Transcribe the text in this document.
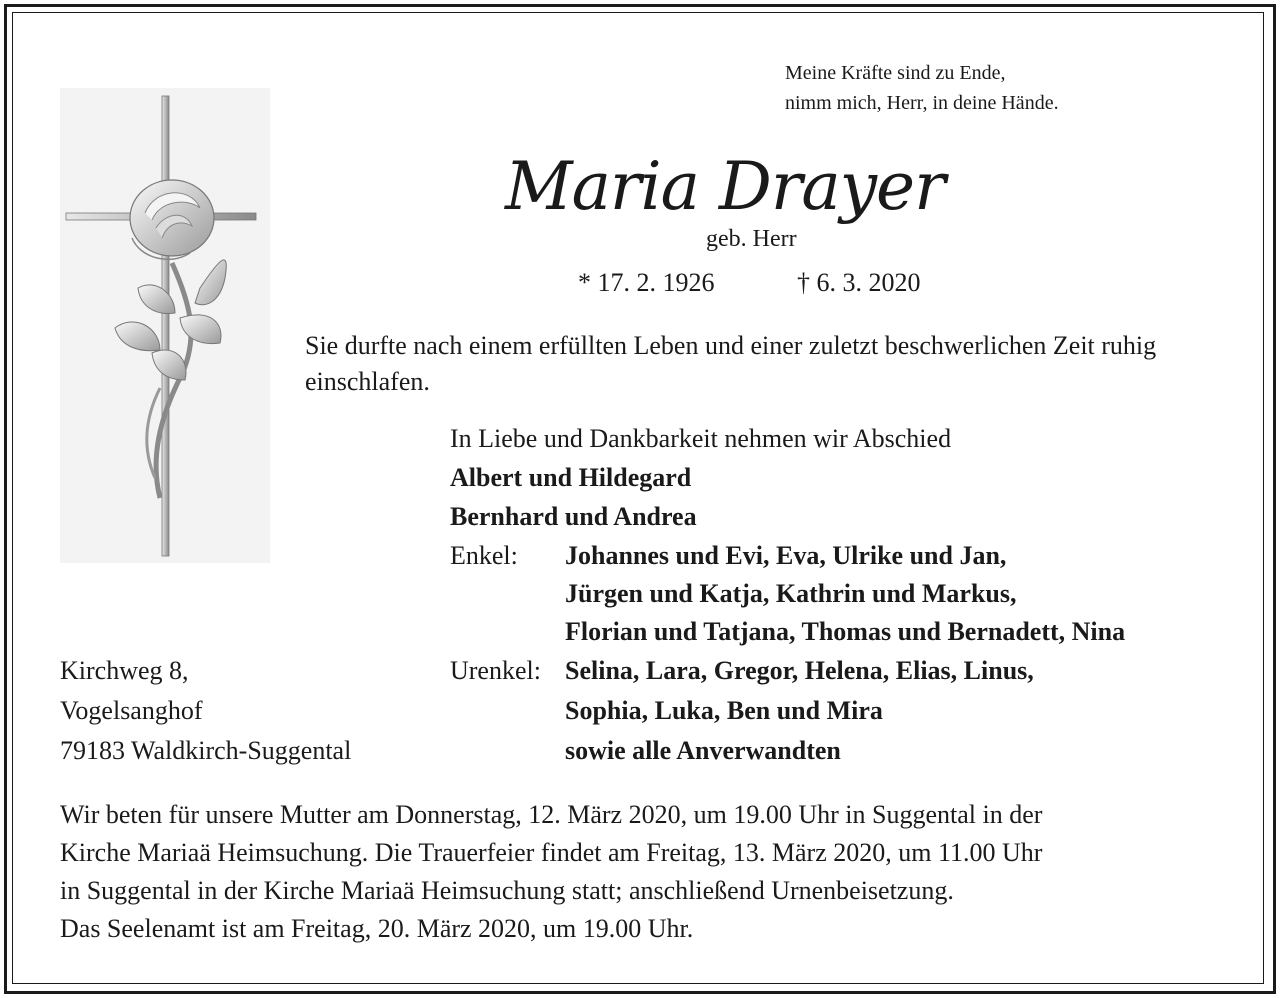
Meine Kräfte sind zu Ende,
nimm mich, Herr, in deine Hände.
Maria Drayer
geb. Herr
* 17. 2. 1926	† 6. 3. 2020
Sie durfte nach einem erfüllten Leben und einer zuletzt beschwerlichen Zeit ruhig einschlafen.
In Liebe und Dankbarkeit nehmen wir Abschied
Albert und Hildegard
Bernhard und Andrea
Enkel: Johannes und Evi, Eva, Ulrike und Jan,
Jürgen und Katja, Kathrin und Markus,
Florian und Tatjana, Thomas und Bernadett, Nina
Urenkel: Selina, Lara, Gregor, Helena, Elias, Linus,
Sophia, Luka, Ben und Mira
sowie alle Anverwandten
Kirchweg 8,
Vogelsanghof
79183 Waldkirch-Suggental
Wir beten für unsere Mutter am Donnerstag, 12. März 2020, um 19.00 Uhr in Suggental in der
Kirche Mariaä Heimsuchung. Die Trauerfeier findet am Freitag, 13. März 2020, um 11.00 Uhr
in Suggental in der Kirche Mariaä Heimsuchung statt; anschließend Urnenbeisetzung.
Das Seelenamt ist am Freitag, 20. März 2020, um 19.00 Uhr.
